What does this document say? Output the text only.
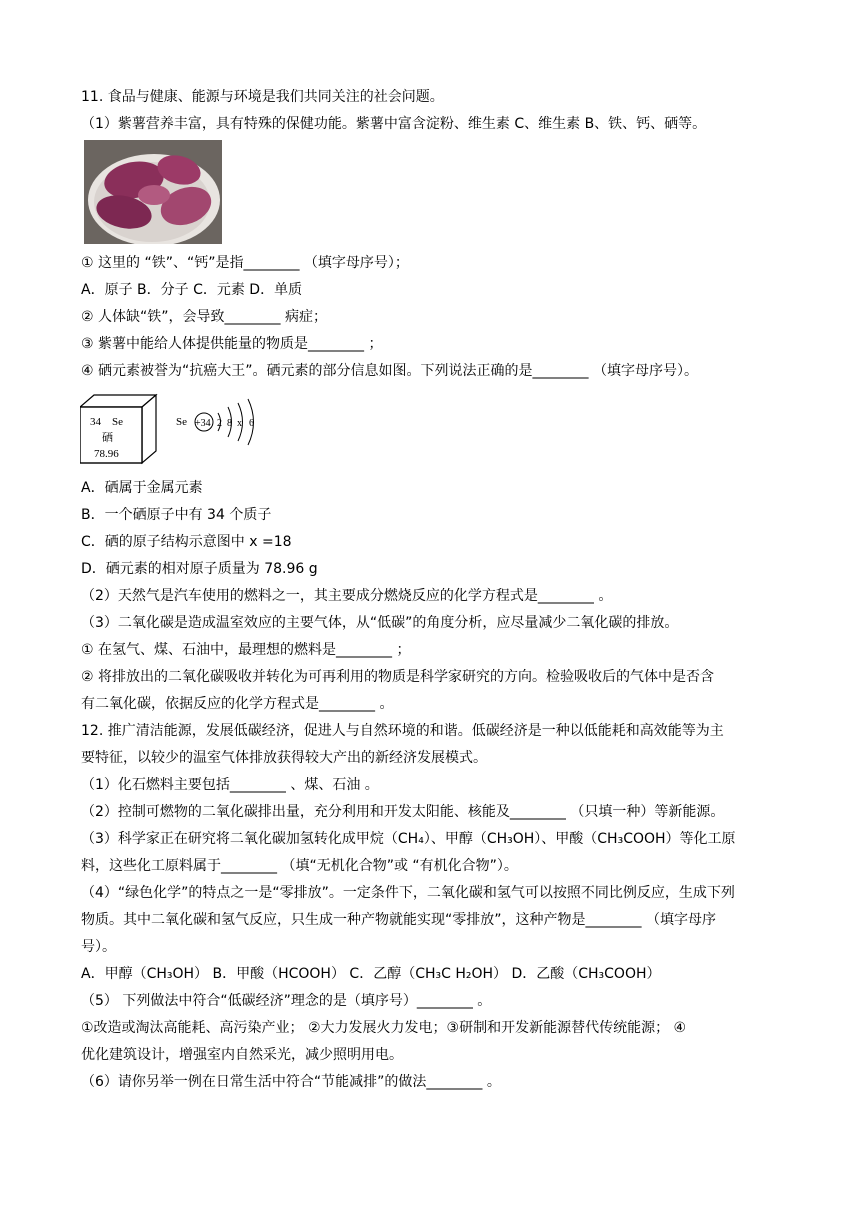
11. 食品与健康、能源与环境是我们共同关注的社会问题。
（1）紫薯营养丰富，具有特殊的保健功能。紫薯中富含淀粉、维生素 C、维生素 B、铁、钙、硒等。
① 这里的 “铁”、“钙”是指________ （填字母序号）；
A．原子 B．分子 C．元素 D．单质
② 人体缺“铁”，会导致________ 病症；
③ 紫薯中能给人体提供能量的物质是________ ；
④ 硒元素被誉为“抗癌大王”。硒元素的部分信息如图。下列说法正确的是________ （填字母序号）。
34 Se
硒
78.96
Se +34 2 8 x 6
A．硒属于金属元素
B．一个硒原子中有 34 个质子
C．硒的原子结构示意图中 x =18
D．硒元素的相对原子质量为 78.96 g
（2）天然气是汽车使用的燃料之一，其主要成分燃烧反应的化学方程式是________ 。
（3）二氧化碳是造成温室效应的主要气体，从“低碳”的角度分析，应尽量减少二氧化碳的排放。
① 在氢气、煤、石油中，最理想的燃料是________ ；
② 将排放出的二氧化碳吸收并转化为可再利用的物质是科学家研究的方向。检验吸收后的气体中是否含
有二氧化碳，依据反应的化学方程式是________ 。
12. 推广清洁能源，发展低碳经济，促进人与自然环境的和谐。低碳经济是一种以低能耗和高效能等为主
要特征，以较少的温室气体排放获得较大产出的新经济发展模式。
（1）化石燃料主要包括________ 、煤、石油 。
（2）控制可燃物的二氧化碳排出量，充分利用和开发太阳能、核能及________ （只填一种）等新能源。
（3）科学家正在研究将二氧化碳加氢转化成甲烷（CH₄）、甲醇（CH₃OH）、甲酸（CH₃COOH）等化工原
料，这些化工原料属于________ （填“无机化合物”或 “有机化合物”）。
（4）“绿色化学”的特点之一是“零排放”。一定条件下，二氧化碳和氢气可以按照不同比例反应，生成下列
物质。其中二氧化碳和氢气反应，只生成一种产物就能实现“零排放”，这种产物是________ （填字母序
号）。
A．甲醇（CH₃OH） B．甲酸（HCOOH） C．乙醇（CH₃C H₂OH） D．乙酸（CH₃COOH）
（5） 下列做法中符合“低碳经济”理念的是（填序号）________ 。
①改造或淘汰高能耗、高污染产业； ②大力发展火力发电；③研制和开发新能源替代传统能源； ④
优化建筑设计，增强室内自然采光，减少照明用电。
（6）请你另举一例在日常生活中符合“节能减排”的做法________ 。
